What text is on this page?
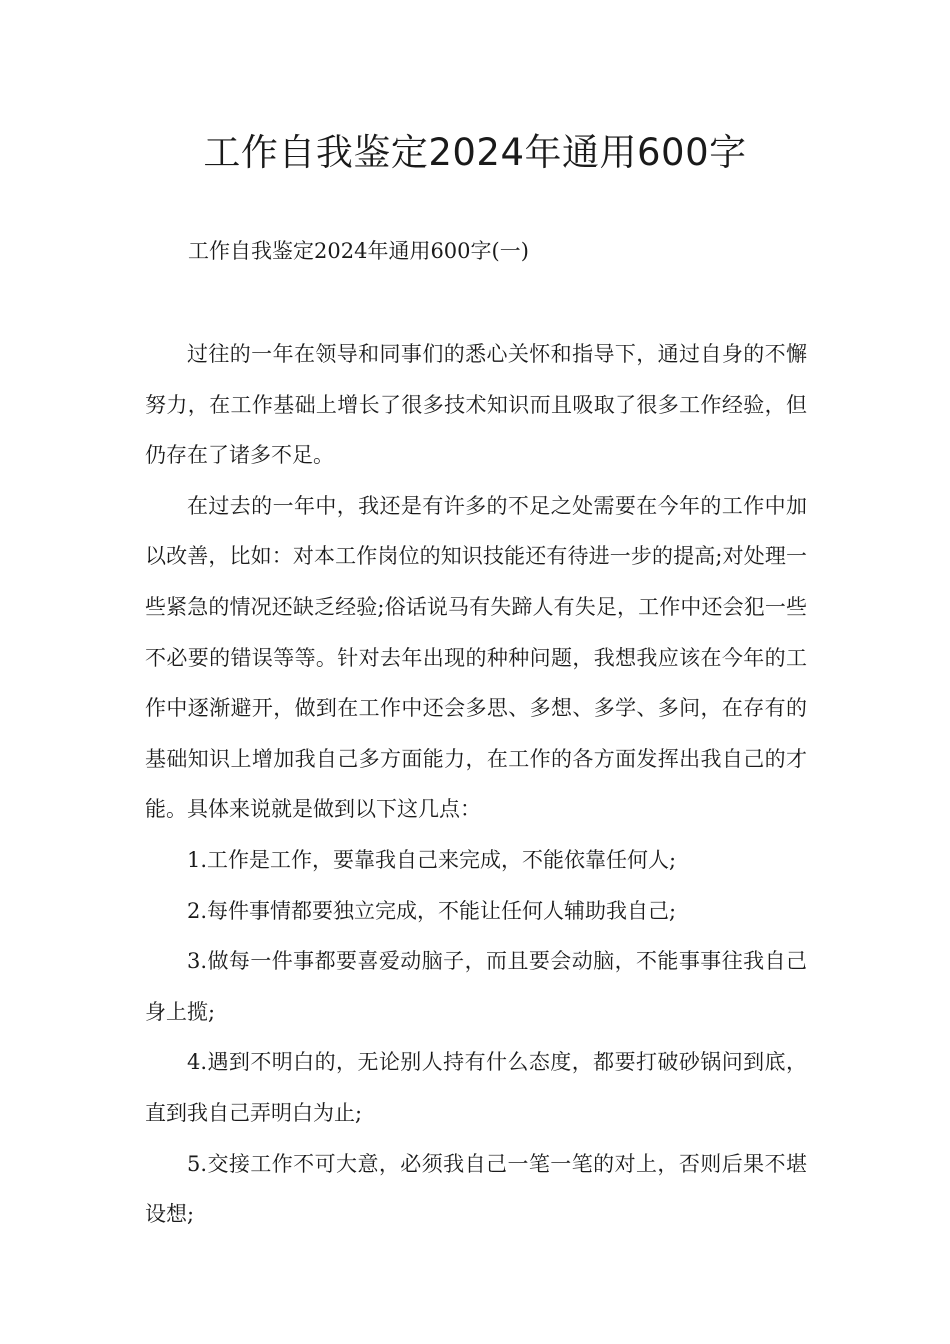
工作自我鉴定2024年通用600字

工作自我鉴定2024年通用600字(一)

过往的一年在领导和同事们的悉心关怀和指导下，通过自身的不懈努力，在工作基础上增长了很多技术知识而且吸取了很多工作经验，但仍存在了诸多不足。

在过去的一年中，我还是有许多的不足之处需要在今年的工作中加以改善，比如：对本工作岗位的知识技能还有待进一步的提高;对处理一些紧急的情况还缺乏经验;俗话说马有失蹄人有失足，工作中还会犯一些不必要的错误等等。针对去年出现的种种问题，我想我应该在今年的工作中逐渐避开，做到在工作中还会多思、多想、多学、多问，在存有的基础知识上增加我自己多方面能力，在工作的各方面发挥出我自己的才能。具体来说就是做到以下这几点：

1.工作是工作，要靠我自己来完成，不能依靠任何人;

2.每件事情都要独立完成，不能让任何人辅助我自己;

3.做每一件事都要喜爱动脑子，而且要会动脑，不能事事往我自己身上揽;

4.遇到不明白的，无论别人持有什么态度，都要打破砂锅问到底，直到我自己弄明白为止;

5.交接工作不可大意，必须我自己一笔一笔的对上，否则后果不堪设想;
